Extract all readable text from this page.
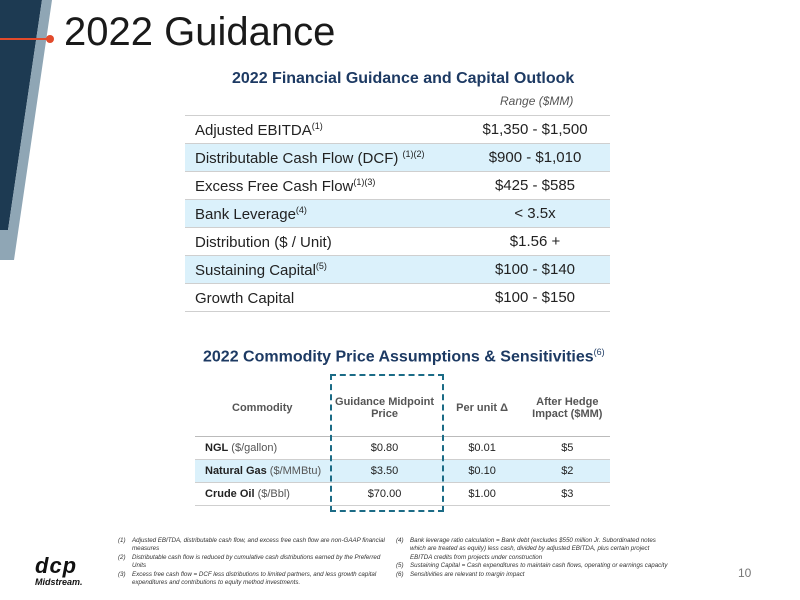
2022 Guidance
2022 Financial Guidance and Capital Outlook
Range ($MM)
Adjusted EBITDA$^{(1)}$	$1,350 - $1,500
Distributable Cash Flow (DCF) $^{(1)(2)}$	$900 - $1,010
Excess Free Cash Flow$^{(1)(3)}$	$425 - $585
Bank Leverage$^{(4)}$	< 3.5x
Distribution ($ / Unit)	$1.56 +
Sustaining Capital$^{(5)}$	$100 - $140
Growth Capital	$100 - $150
2022 Commodity Price Assumptions & Sensitivities$^{(6)}$
Commodity	Guidance Midpoint Price	Per unit Δ	After Hedge Impact ($MM)
NGL ($/gallon)	$0.80	$0.01	$5
Natural Gas ($/MMBtu)	$3.50	$0.10	$2
Crude Oil ($/Bbl)	$70.00	$1.00	$3
(1)	Adjusted EBITDA, distributable cash flow, and excess free cash flow are non-GAAP financial measures
(2)	Distributable cash flow is reduced by cumulative cash distributions earned by the Preferred Units
(3)	Excess free cash flow = DCF less distributions to limited partners, and less growth capital expenditures and contributions to equity method investments.
(4)	Bank leverage ratio calculation = Bank debt (excludes $550 million Jr. Subordinated notes which are treated as equity) less cash, divided by adjusted EBITDA, plus certain project EBITDA credits from projects under construction
(5)	Sustaining Capital = Cash expenditures to maintain cash flows, operating or earnings capacity
(6)	Sensitivities are relevant to margin impact
dcp
Midstream.
10
